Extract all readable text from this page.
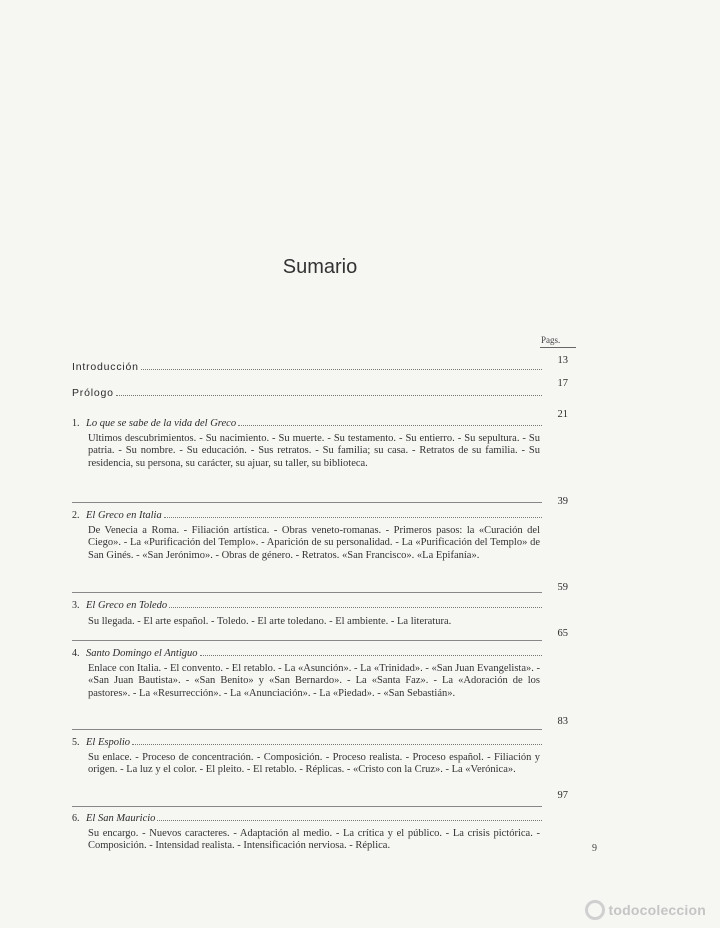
Sumario
Pags.
Introducción
13
Prólogo
17
1. Lo que se sabe de la vida del Greco
21
Ultimos descubrimientos. - Su nacimiento. - Su muerte. - Su testamento. - Su entierro. - Su sepultura. - Su patria. - Su nombre. - Su educación. - Sus retratos. - Su familia; su casa. - Retratos de su familia. - Su residencia, su persona, su carácter, su ajuar, su taller, su biblioteca.
2. El Greco en Italia
39
De Venecia a Roma. - Filiación artística. - Obras veneto-romanas. - Primeros pasos: la «Curación del Ciego». - La «Purificación del Templo». - Aparición de su personalidad. - La «Purificación del Templo» de San Ginés. - «San Jerónimo». - Obras de género. - Retratos. «San Francisco». «La Epifanía».
3. El Greco en Toledo
59
Su llegada. - El arte español. - Toledo. - El arte toledano. - El ambiente. - La literatura.
4. Santo Domingo el Antiguo
65
Enlace con Italia. - El convento. - El retablo. - La «Asunción». - La «Trinidad». - «San Juan Evangelista». - «San Juan Bautista». - «San Benito» y «San Bernardo». - La «Santa Faz». - La «Adoración de los pastores». - La «Resurrección». - La «Anunciación». - La «Piedad». - «San Sebastián».
5. El Espolio
83
Su enlace. - Proceso de concentración. - Composición. - Proceso realista. - Proceso español. - Filiación y origen. - La luz y el color. - El pleito. - El retablo. - Réplicas. - «Cristo con la Cruz». - La «Verónica».
6. El San Mauricio
97
Su encargo. - Nuevos caracteres. - Adaptación al medio. - La crítica y el público. - La crisis pictórica. - Composición. - Intensidad realista. - Intensificación nerviosa. - Réplica.	9
todocoleccion
